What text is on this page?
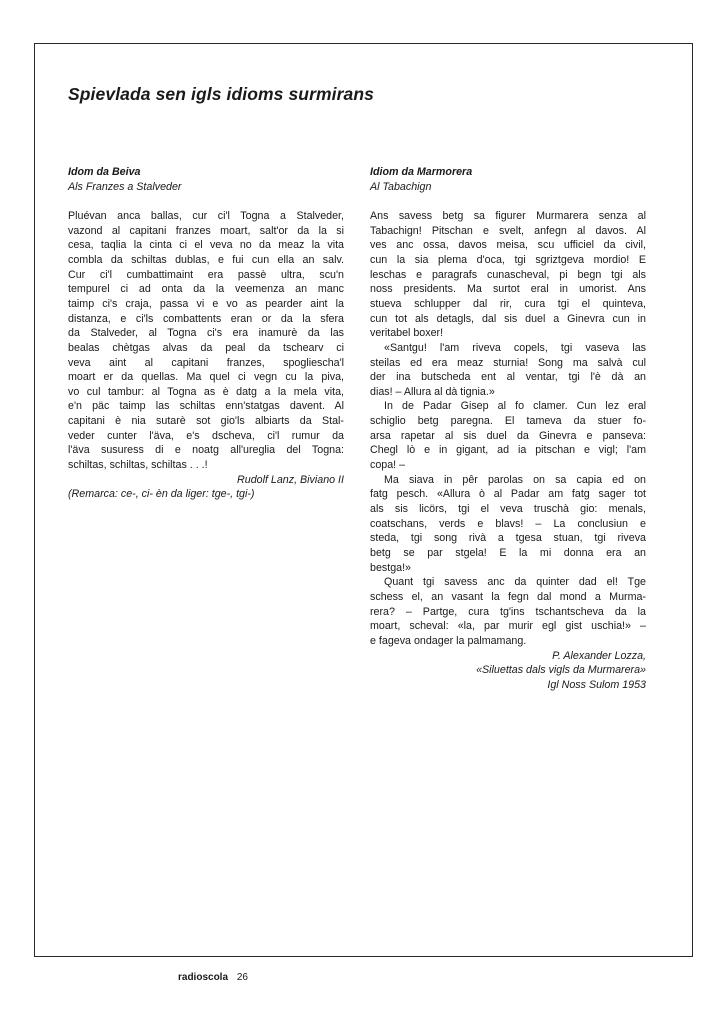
Spievlada sen igls idioms surmirans
Idom da Beiva
Als Franzes a Stalveder
Pluévan anca ballas, cur ci'l Togna a Stalveder,
vazond al capitani franzes moart, salt'or da la si
cesa, taqlia la cinta ci el veva no da meaz la vita
combla da schiltas dublas, e fui cun ella an salv.
Cur ci'l cumbattimaint era passè ultra, scu'n
tempurel ci ad onta da la veemenza an manc
taimp ci's craja, passa vi e vo as pearder aint la
distanza, e ci'ls combattents eran or da la sfera
da Stalveder, al Togna ci's era inamurè da las
bealas chètgas alvas da peal da tschearv ci
veva aint al capitani franzes, spogliescha'l
moart er da quellas. Ma quel ci vegn cu la piva,
vo cul tambur: al Togna as è datg a la mela vita,
e'n päc taimp las schiltas enn'statgas davent. Al
capitani è nia sutarè sot gio'ls albiarts da Stal-
veder cunter l'äva, e's dscheva, ci'l rumur da
l'äva susuress di e noatg all'ureglia del Togna:
schiltas, schiltas, schiltas . . .!
Rudolf Lanz, Biviano II
(Remarca: ce-, ci- èn da liger: tge-, tgi-)
Idiom da Marmorera
Al Tabachign
Ans savess betg sa figurer Murmarera senza al
Tabachign! Pitschan e svelt, anfegn al davos. Al
ves anc ossa, davos meisa, scu ufficiel da civil,
cun la sia plema d'oca, tgi sgriztgeva mordio! E
leschas e paragrafs cunascheval, pi begn tgi als
noss presidents. Ma surtot eral in umorist. Ans
stueva schlupper dal rir, cura tgi el quinteva,
cun tot als detagls, dal sis duel a Ginevra cun in
veritabel boxer!
«Santgu! l'am riveva copels, tgi vaseva las
steilas ed era meaz sturnia! Song ma salvà cul
der ina butscheda ent al ventar, tgi l'è dà an
dias! – Allura al dà tignia.»
In de Padar Gisep al fo clamer. Cun lez eral
schiglio betg paregna. El tameva da stuer fo-
arsa rapetar al sis duel da Ginevra e panseva:
Chegl lò e in gigant, ad ia pitschan e vigl; l'am
copa! –
Ma siava in pêr parolas on sa capia ed on
fatg pesch. «Allura ò al Padar am fatg sager tot
als sis licörs, tgi el veva truschà gio: menals,
coatschans, verds e blavs! – La conclusiun e
steda, tgi song rivà a tgesa stuan, tgi riveva
betg se par stgela! E la mi donna era an
bestga!»
Quant tgi savess anc da quinter dad el! Tge
schess el, an vasant la fegn dal mond a Murma-
rera? – Partge, cura tg'ins tschantscheva da la
moart, scheval: «la, par murir egl gist uschia!» –
e fageva ondager la palmamang.
P. Alexander Lozza,
«Siluettas dals vigls da Murmarera»
Igl Noss Sulom 1953
radioscola 26
